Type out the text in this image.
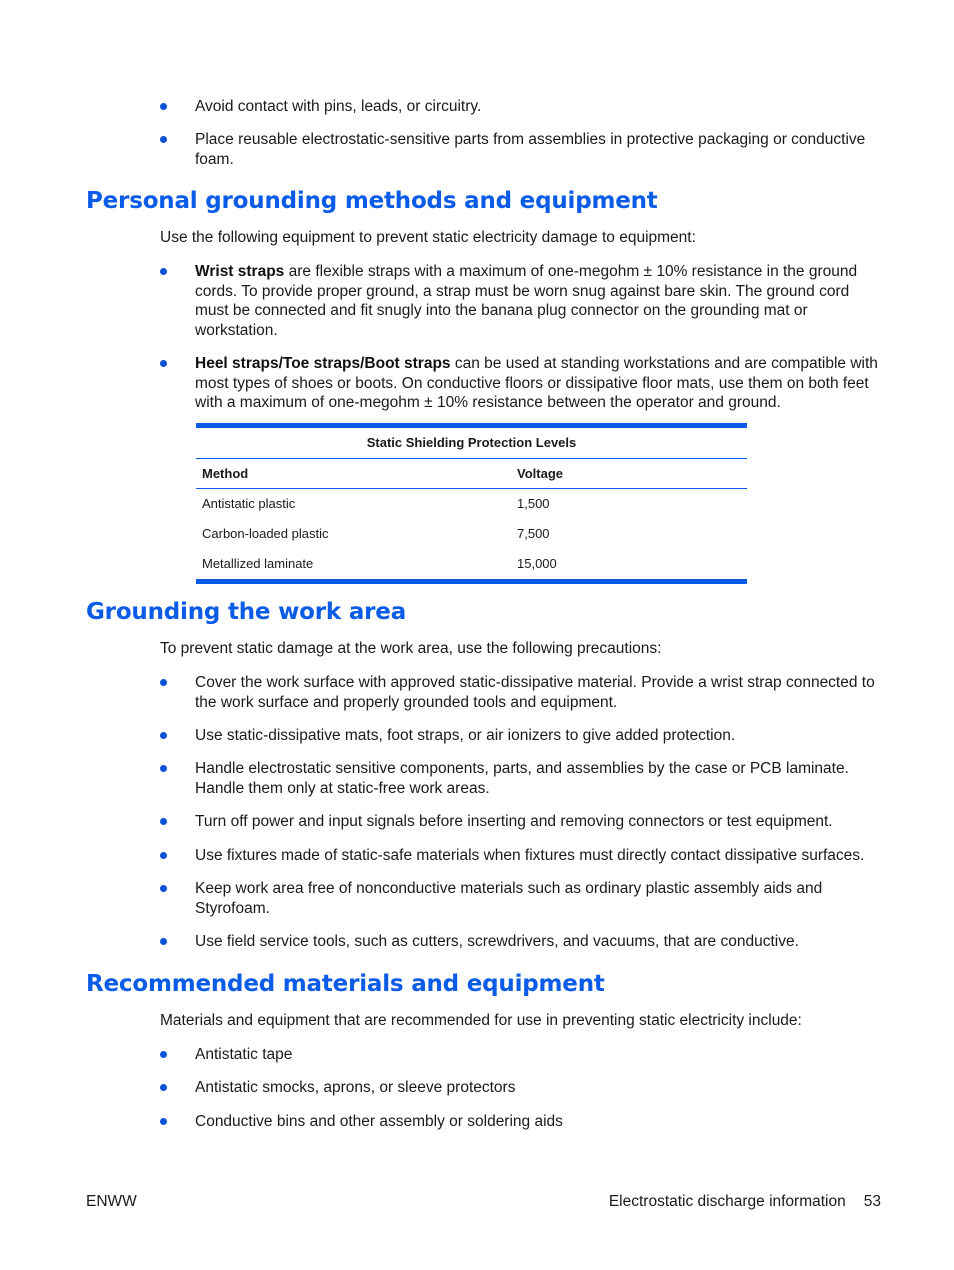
Avoid contact with pins, leads, or circuitry.
Place reusable electrostatic-sensitive parts from assemblies in protective packaging or conductive foam.
Personal grounding methods and equipment

Use the following equipment to prevent static electricity damage to equipment:

Wrist straps are flexible straps with a maximum of one-megohm ± 10% resistance in the ground cords. To provide proper ground, a strap must be worn snug against bare skin. The ground cord must be connected and fit snugly into the banana plug connector on the grounding mat or workstation.
Heel straps/Toe straps/Boot straps can be used at standing workstations and are compatible with most types of shoes or boots. On conductive floors or dissipative floor mats, use them on both feet with a maximum of one-megohm ± 10% resistance between the operator and ground.
Static Shielding Protection Levels
Method	Voltage
Antistatic plastic	1,500
Carbon-loaded plastic	7,500
Metallized laminate	15,000
Grounding the work area

To prevent static damage at the work area, use the following precautions:

Cover the work surface with approved static-dissipative material. Provide a wrist strap connected to the work surface and properly grounded tools and equipment.
Use static-dissipative mats, foot straps, or air ionizers to give added protection.
Handle electrostatic sensitive components, parts, and assemblies by the case or PCB laminate. Handle them only at static-free work areas.
Turn off power and input signals before inserting and removing connectors or test equipment.
Use fixtures made of static-safe materials when fixtures must directly contact dissipative surfaces.
Keep work area free of nonconductive materials such as ordinary plastic assembly aids and Styrofoam.
Use field service tools, such as cutters, screwdrivers, and vacuums, that are conductive.
Recommended materials and equipment

Materials and equipment that are recommended for use in preventing static electricity include:

Antistatic tape
Antistatic smocks, aprons, or sleeve protectors
Conductive bins and other assembly or soldering aids
ENWW	Electrostatic discharge information 53
